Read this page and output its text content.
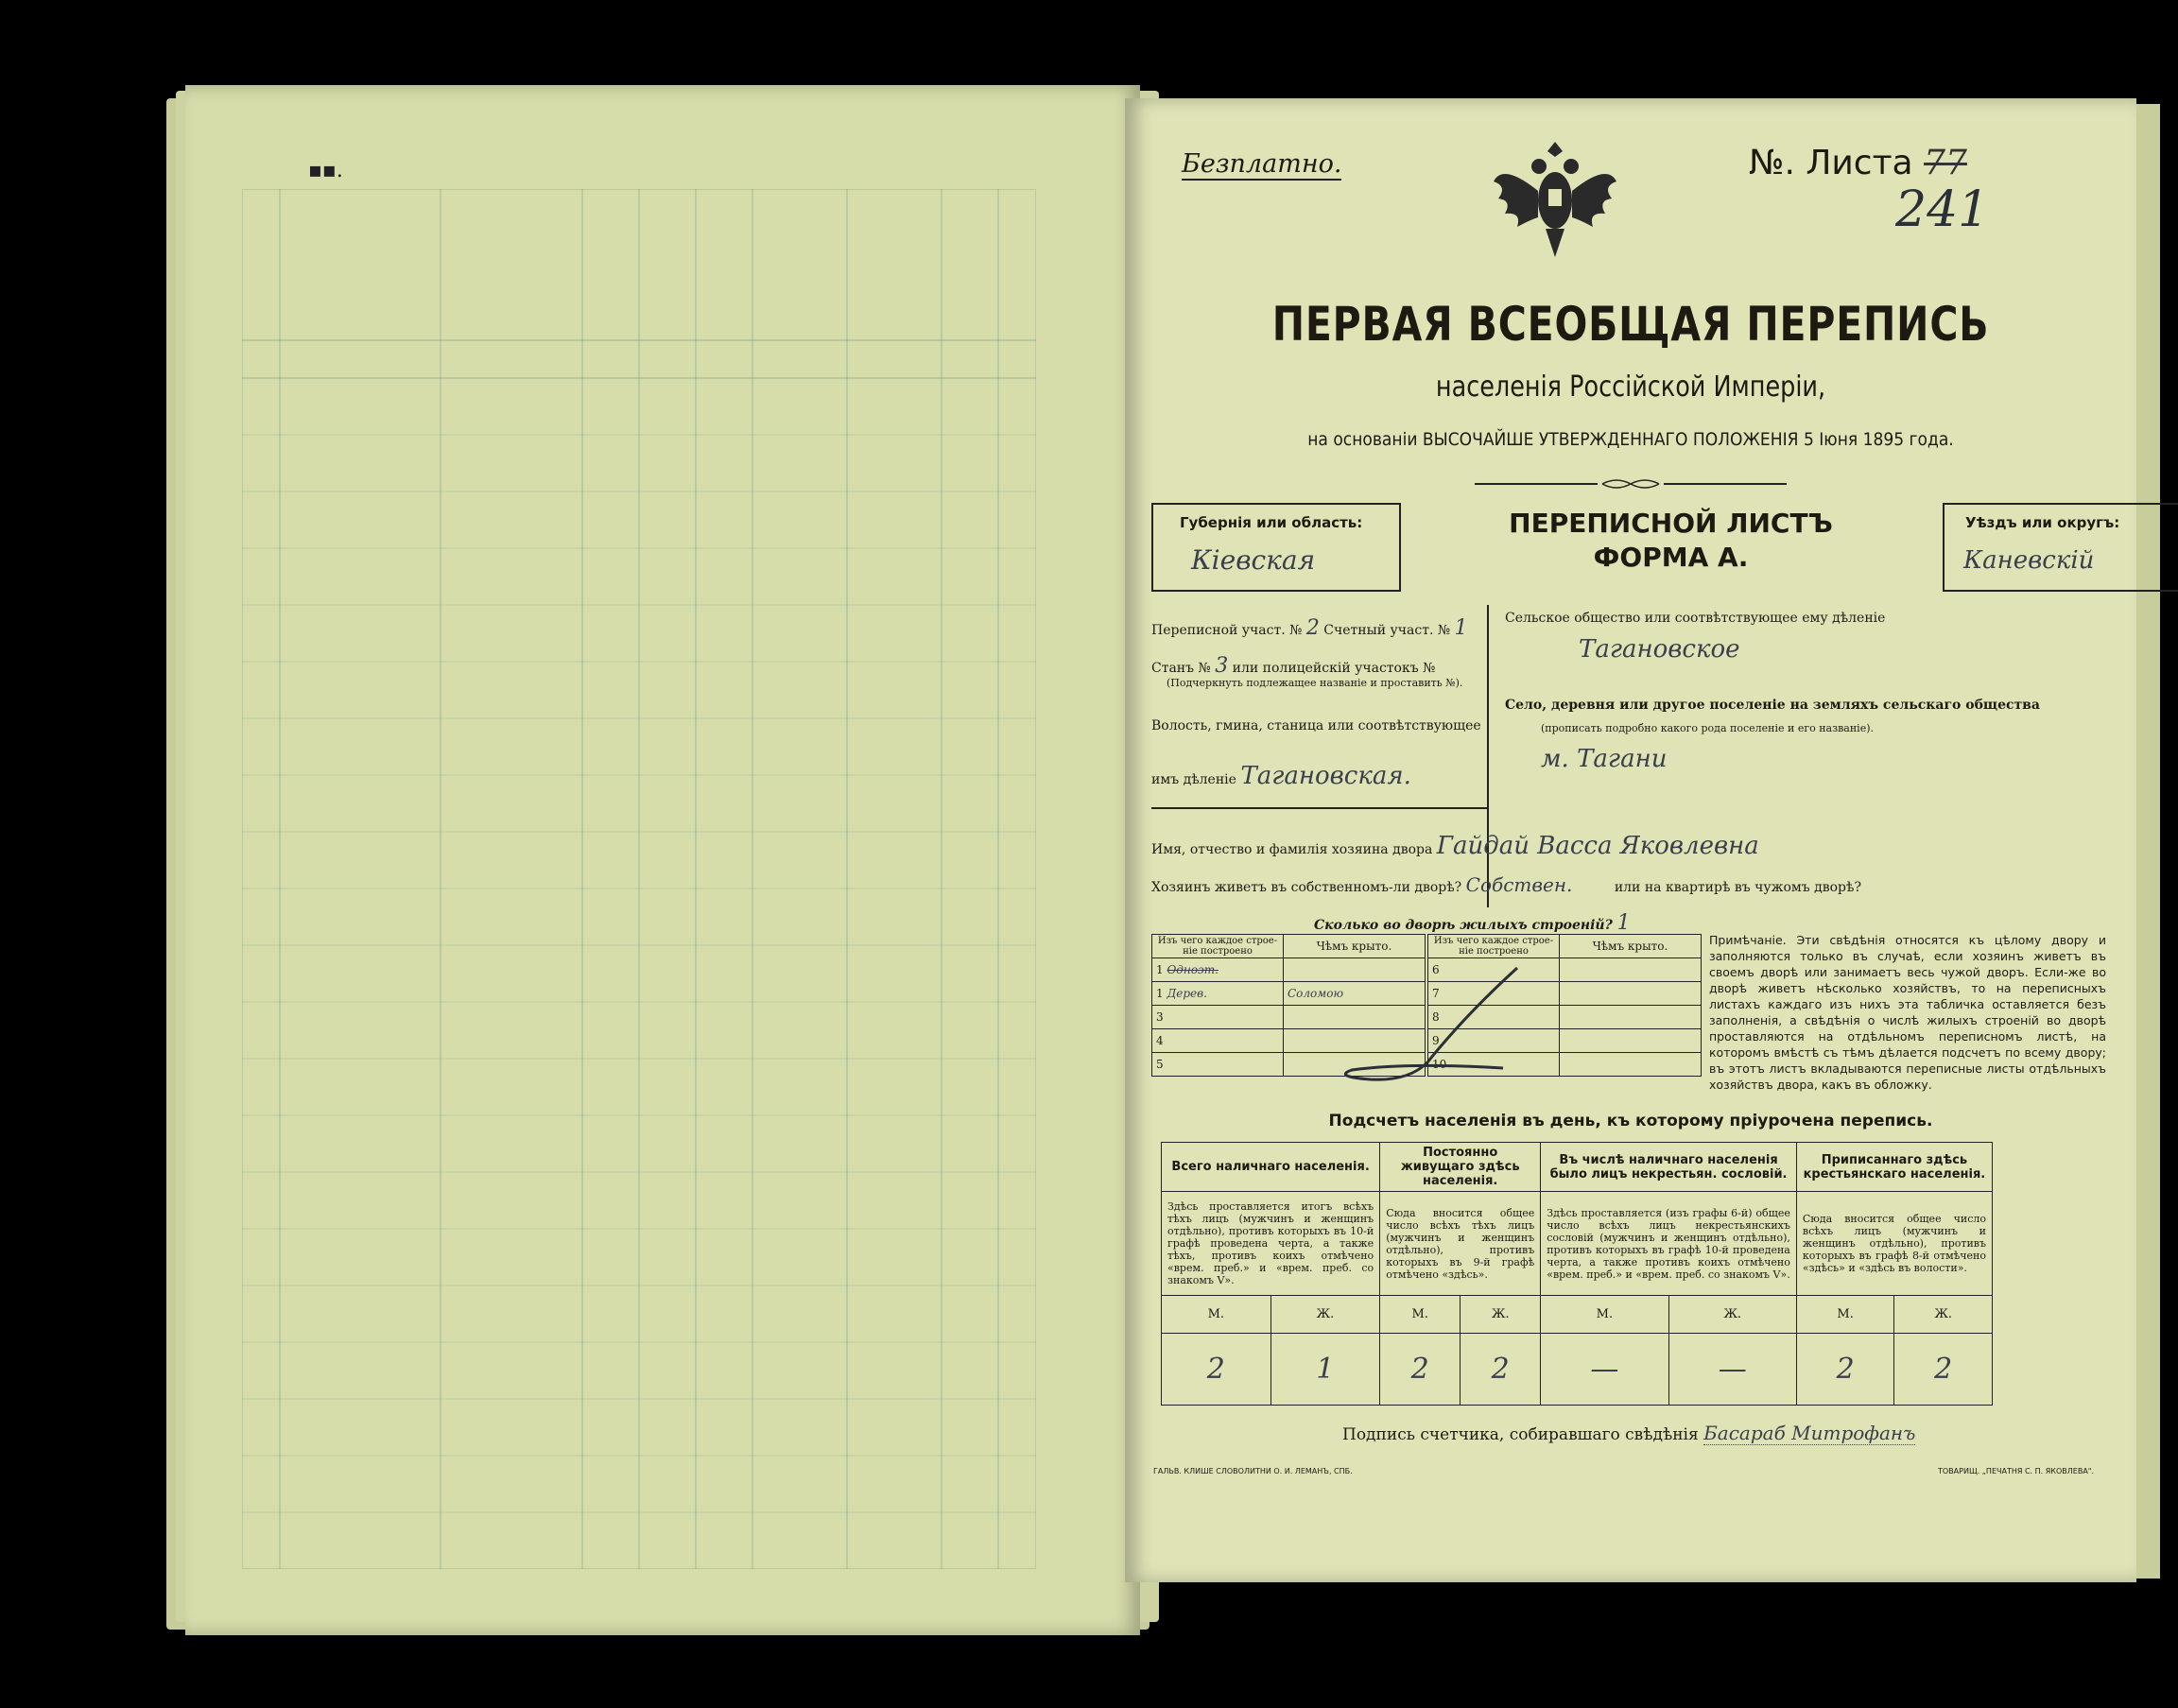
▪▪.	Безплатно.	№. Листа 77
241
ПЕРВАЯ ВСЕОБЩАЯ ПЕРЕПИСЬ
населенія Россійской Имперіи,
на основаніи ВЫСОЧАЙШЕ УТВЕРЖДЕННАГО ПОЛОЖЕНІЯ 5 Іюня 1895 года.
Губернія или область:
Кіевская
ПЕРЕПИСНОЙ ЛИСТЪ
ФОРМА А.
Уѣздъ или округъ:
Каневскій
Переписной участ. № 2 Счетный участ. № 1
Станъ № 3 или полицейскій участокъ №
(Подчеркнуть подлежащее названіе и проставить №).
Волость, гмина, станица или соотвѣтствующее
имъ дѣленіе Тагановская.
Сельское общество или соотвѣтствующее ему дѣленіе
Тагановское
Село, деревня или другое поселеніе на земляхъ сельскаго общества
(прописать подробно какого рода поселеніе и его названіе).
м. Тагани
Имя, отчество и фамилія хозяина двора Гайдай Васса Яковлевна
Хозяинъ живетъ въ собственномъ-ли дворѣ? Собствен.	или на квартирѣ въ чужомъ дворѣ?
Сколько во дворѣ жилыхъ строеній? 1
Изъ чего каждое строе-ніе построено	Чѣмъ крыто.
1 Одноэт.	
1 Дерев.	Соломою
3	
4	
5	
Изъ чего каждое строе-ніе построено	Чѣмъ крыто.
6	
7	
8	
9	
10	
Примѣчаніе. Эти свѣдѣнія относятся къ цѣлому двору и заполняются только въ случаѣ, если хозяинъ живетъ въ своемъ дворѣ или занимаетъ весь чужой дворъ. Если-же во дворѣ живетъ нѣсколько хозяйствъ, то на переписныхъ листахъ каждаго изъ нихъ эта табличка оставляется безъ заполненія, а свѣдѣнія о числѣ жилыхъ строеній во дворѣ проставляются на отдѣльномъ переписномъ листѣ, на которомъ вмѣстѣ съ тѣмъ дѣлается подсчетъ по всему двору; въ этотъ листъ вкладываются переписные листы отдѣльныхъ хозяйствъ двора, какъ въ обложку.
Подсчетъ населенія въ день, къ которому пріурочена перепись.
Всего наличнаго населенія.		Постоянно живущаго здѣсь населенія.		Въ числѣ наличнаго населенія было лицъ некрестьян. сословій.		Приписаннаго здѣсь крестьянскаго населенія.	
Здѣсь проставляется итогъ всѣхъ тѣхъ лицъ (мужчинъ и женщинъ отдѣльно), противъ которыхъ въ 10-й графѣ проведена черта, а также тѣхъ, противъ коихъ отмѣчено «врем. преб.» и «врем. преб. со знакомъ V».		Сюда вносится общее число всѣхъ тѣхъ лицъ (мужчинъ и женщинъ отдѣльно), противъ которыхъ въ 9-й графѣ отмѣчено «здѣсь».		Здѣсь проставляется (изъ графы 6-й) общее число всѣхъ лицъ некрестьянскихъ сословій (мужчинъ и женщинъ отдѣльно), противъ которыхъ въ графѣ 10-й проведена черта, а также противъ коихъ отмѣчено «врем. преб.» и «врем. преб. со знакомъ V».		Сюда вносится общее число всѣхъ лицъ (мужчинъ и женщинъ отдѣльно), противъ которыхъ въ графѣ 8-й отмѣчено «здѣсь» и «здѣсь въ волости».	
М.	Ж.	М.	Ж.	М.	Ж.	М.	Ж.
2	1	2	2	—	—	2	2
Подпись счетчика, собиравшаго свѣдѣнія Басараб Митрофанъ
ГАЛЬВ. КЛИШЕ СЛОВОЛИТНИ О. И. ЛЕМАНЪ, СПБ.	ТОВАРИЩ. „ПЕЧАТНЯ С. П. ЯКОВЛЕВА".
